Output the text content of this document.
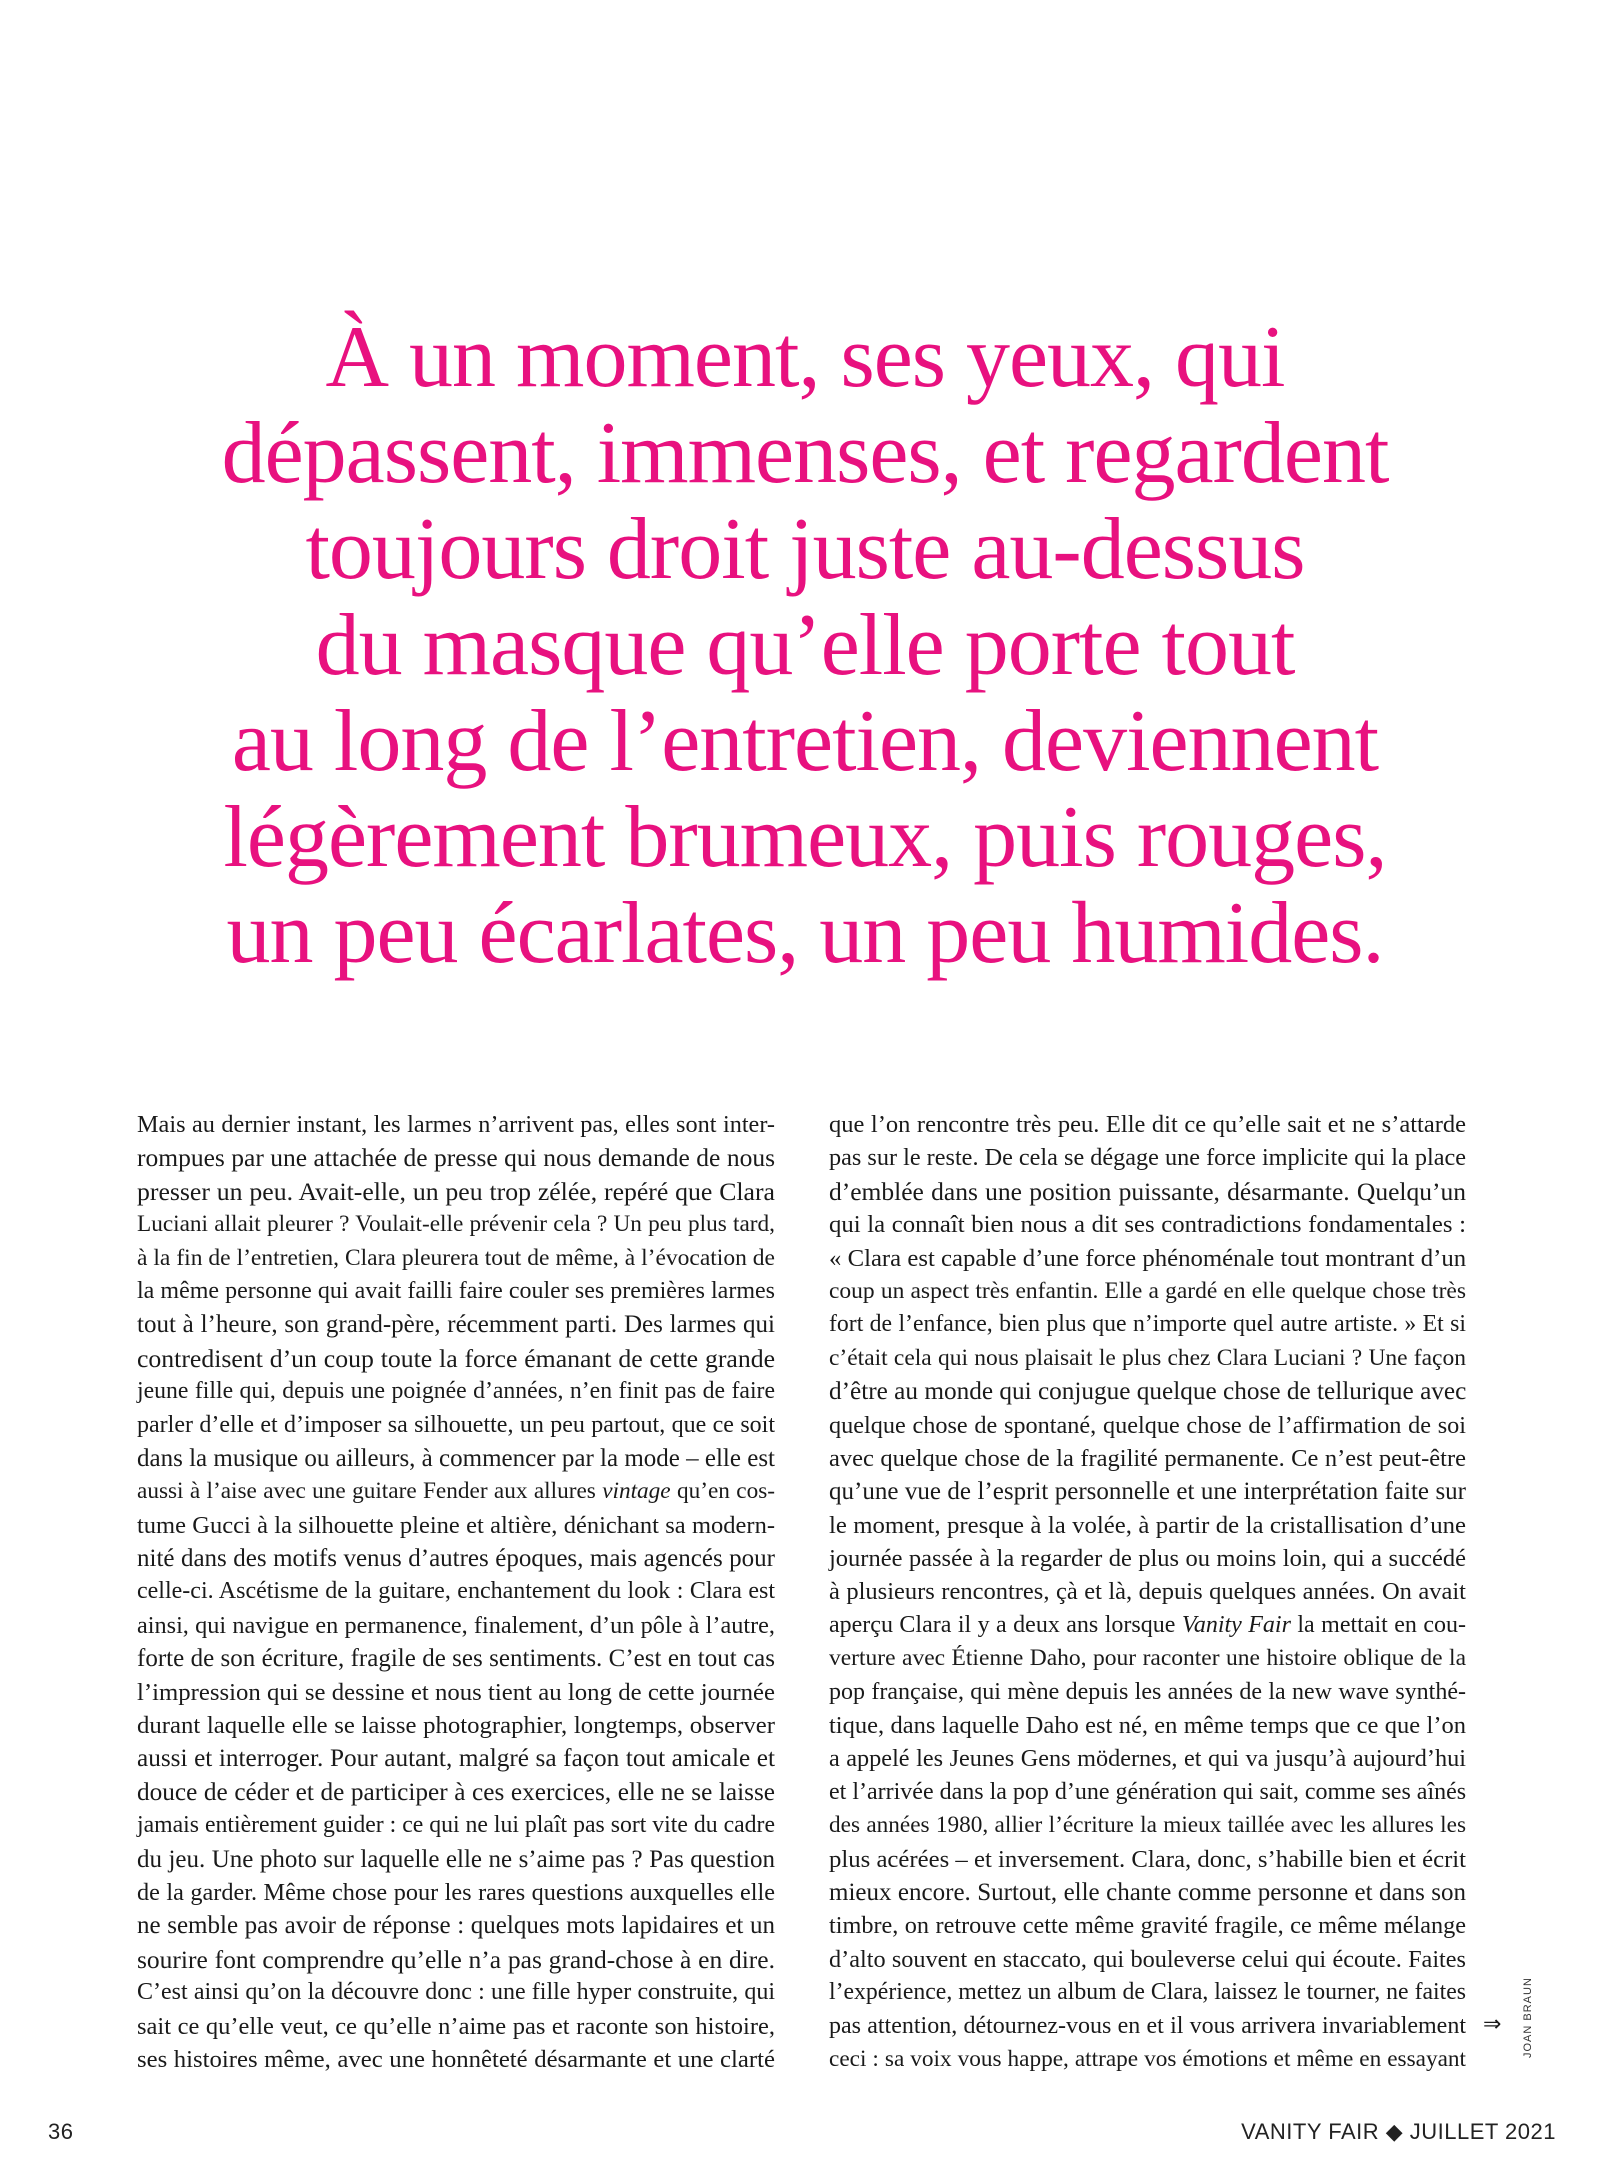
À un moment, ses yeux, qui
dépassent, immenses, et regardent
toujours droit juste au-dessus
du masque qu’elle porte tout
au long de l’entretien, deviennent
légèrement brumeux, puis rouges,
un peu écarlates, un peu humides.
Mais au dernier instant, les larmes n’arrivent pas, elles sont inter-
rompues par une attachée de presse qui nous demande de nous
presser un peu. Avait-elle, un peu trop zélée, repéré que Clara
Luciani allait pleurer ? Voulait-elle prévenir cela ? Un peu plus tard,
à la fin de l’entretien, Clara pleurera tout de même, à l’évocation de
la même personne qui avait failli faire couler ses premières larmes
tout à l’heure, son grand-père, récemment parti. Des larmes qui
contredisent d’un coup toute la force émanant de cette grande
jeune fille qui, depuis une poignée d’années, n’en finit pas de faire
parler d’elle et d’imposer sa silhouette, un peu partout, que ce soit
dans la musique ou ailleurs, à commencer par la mode – elle est
aussi à l’aise avec une guitare Fender aux allures vintage qu’en cos-
tume Gucci à la silhouette pleine et altière, dénichant sa modern-
nité dans des motifs venus d’autres époques, mais agencés pour
celle-ci. Ascétisme de la guitare, enchantement du look : Clara est
ainsi, qui navigue en permanence, finalement, d’un pôle à l’autre,
forte de son écriture, fragile de ses sentiments. C’est en tout cas
l’impression qui se dessine et nous tient au long de cette journée
durant laquelle elle se laisse photographier, longtemps, observer
aussi et interroger. Pour autant, malgré sa façon tout amicale et
douce de céder et de participer à ces exercices, elle ne se laisse
jamais entièrement guider : ce qui ne lui plaît pas sort vite du cadre
du jeu. Une photo sur laquelle elle ne s’aime pas ? Pas question
de la garder. Même chose pour les rares questions auxquelles elle
ne semble pas avoir de réponse : quelques mots lapidaires et un
sourire font comprendre qu’elle n’a pas grand-chose à en dire.
C’est ainsi qu’on la découvre donc : une fille hyper construite, qui
sait ce qu’elle veut, ce qu’elle n’aime pas et raconte son histoire,
ses histoires même, avec une honnêteté désarmante et une clarté
que l’on rencontre très peu. Elle dit ce qu’elle sait et ne s’attarde
pas sur le reste. De cela se dégage une force implicite qui la place
d’emblée dans une position puissante, désarmante. Quelqu’un
qui la connaît bien nous a dit ses contradictions fondamentales :
« Clara est capable d’une force phénoménale tout montrant d’un
coup un aspect très enfantin. Elle a gardé en elle quelque chose très
fort de l’enfance, bien plus que n’importe quel autre artiste. » Et si
c’était cela qui nous plaisait le plus chez Clara Luciani ? Une façon
d’être au monde qui conjugue quelque chose de tellurique avec
quelque chose de spontané, quelque chose de l’affirmation de soi
avec quelque chose de la fragilité permanente. Ce n’est peut-être
qu’une vue de l’esprit personnelle et une interprétation faite sur
le moment, presque à la volée, à partir de la cristallisation d’une
journée passée à la regarder de plus ou moins loin, qui a succédé
à plusieurs rencontres, çà et là, depuis quelques années. On avait
aperçu Clara il y a deux ans lorsque Vanity Fair la mettait en cou-
verture avec Étienne Daho, pour raconter une histoire oblique de la
pop française, qui mène depuis les années de la new wave synthé-
tique, dans laquelle Daho est né, en même temps que ce que l’on
a appelé les Jeunes Gens mödernes, et qui va jusqu’à aujourd’hui
et l’arrivée dans la pop d’une génération qui sait, comme ses aînés
des années 1980, allier l’écriture la mieux taillée avec les allures les
plus acérées – et inversement. Clara, donc, s’habille bien et écrit
mieux encore. Surtout, elle chante comme personne et dans son
timbre, on retrouve cette même gravité fragile, ce même mélange
d’alto souvent en staccato, qui bouleverse celui qui écoute. Faites
l’expérience, mettez un album de Clara, laissez le tourner, ne faites
pas attention, détournez-vous en et il vous arrivera invariablement
ceci : sa voix vous happe, attrape vos émotions et même en essayant
⇒ JOAN BRAUN
36	VANITY FAIR ◆ JUILLET 2021
